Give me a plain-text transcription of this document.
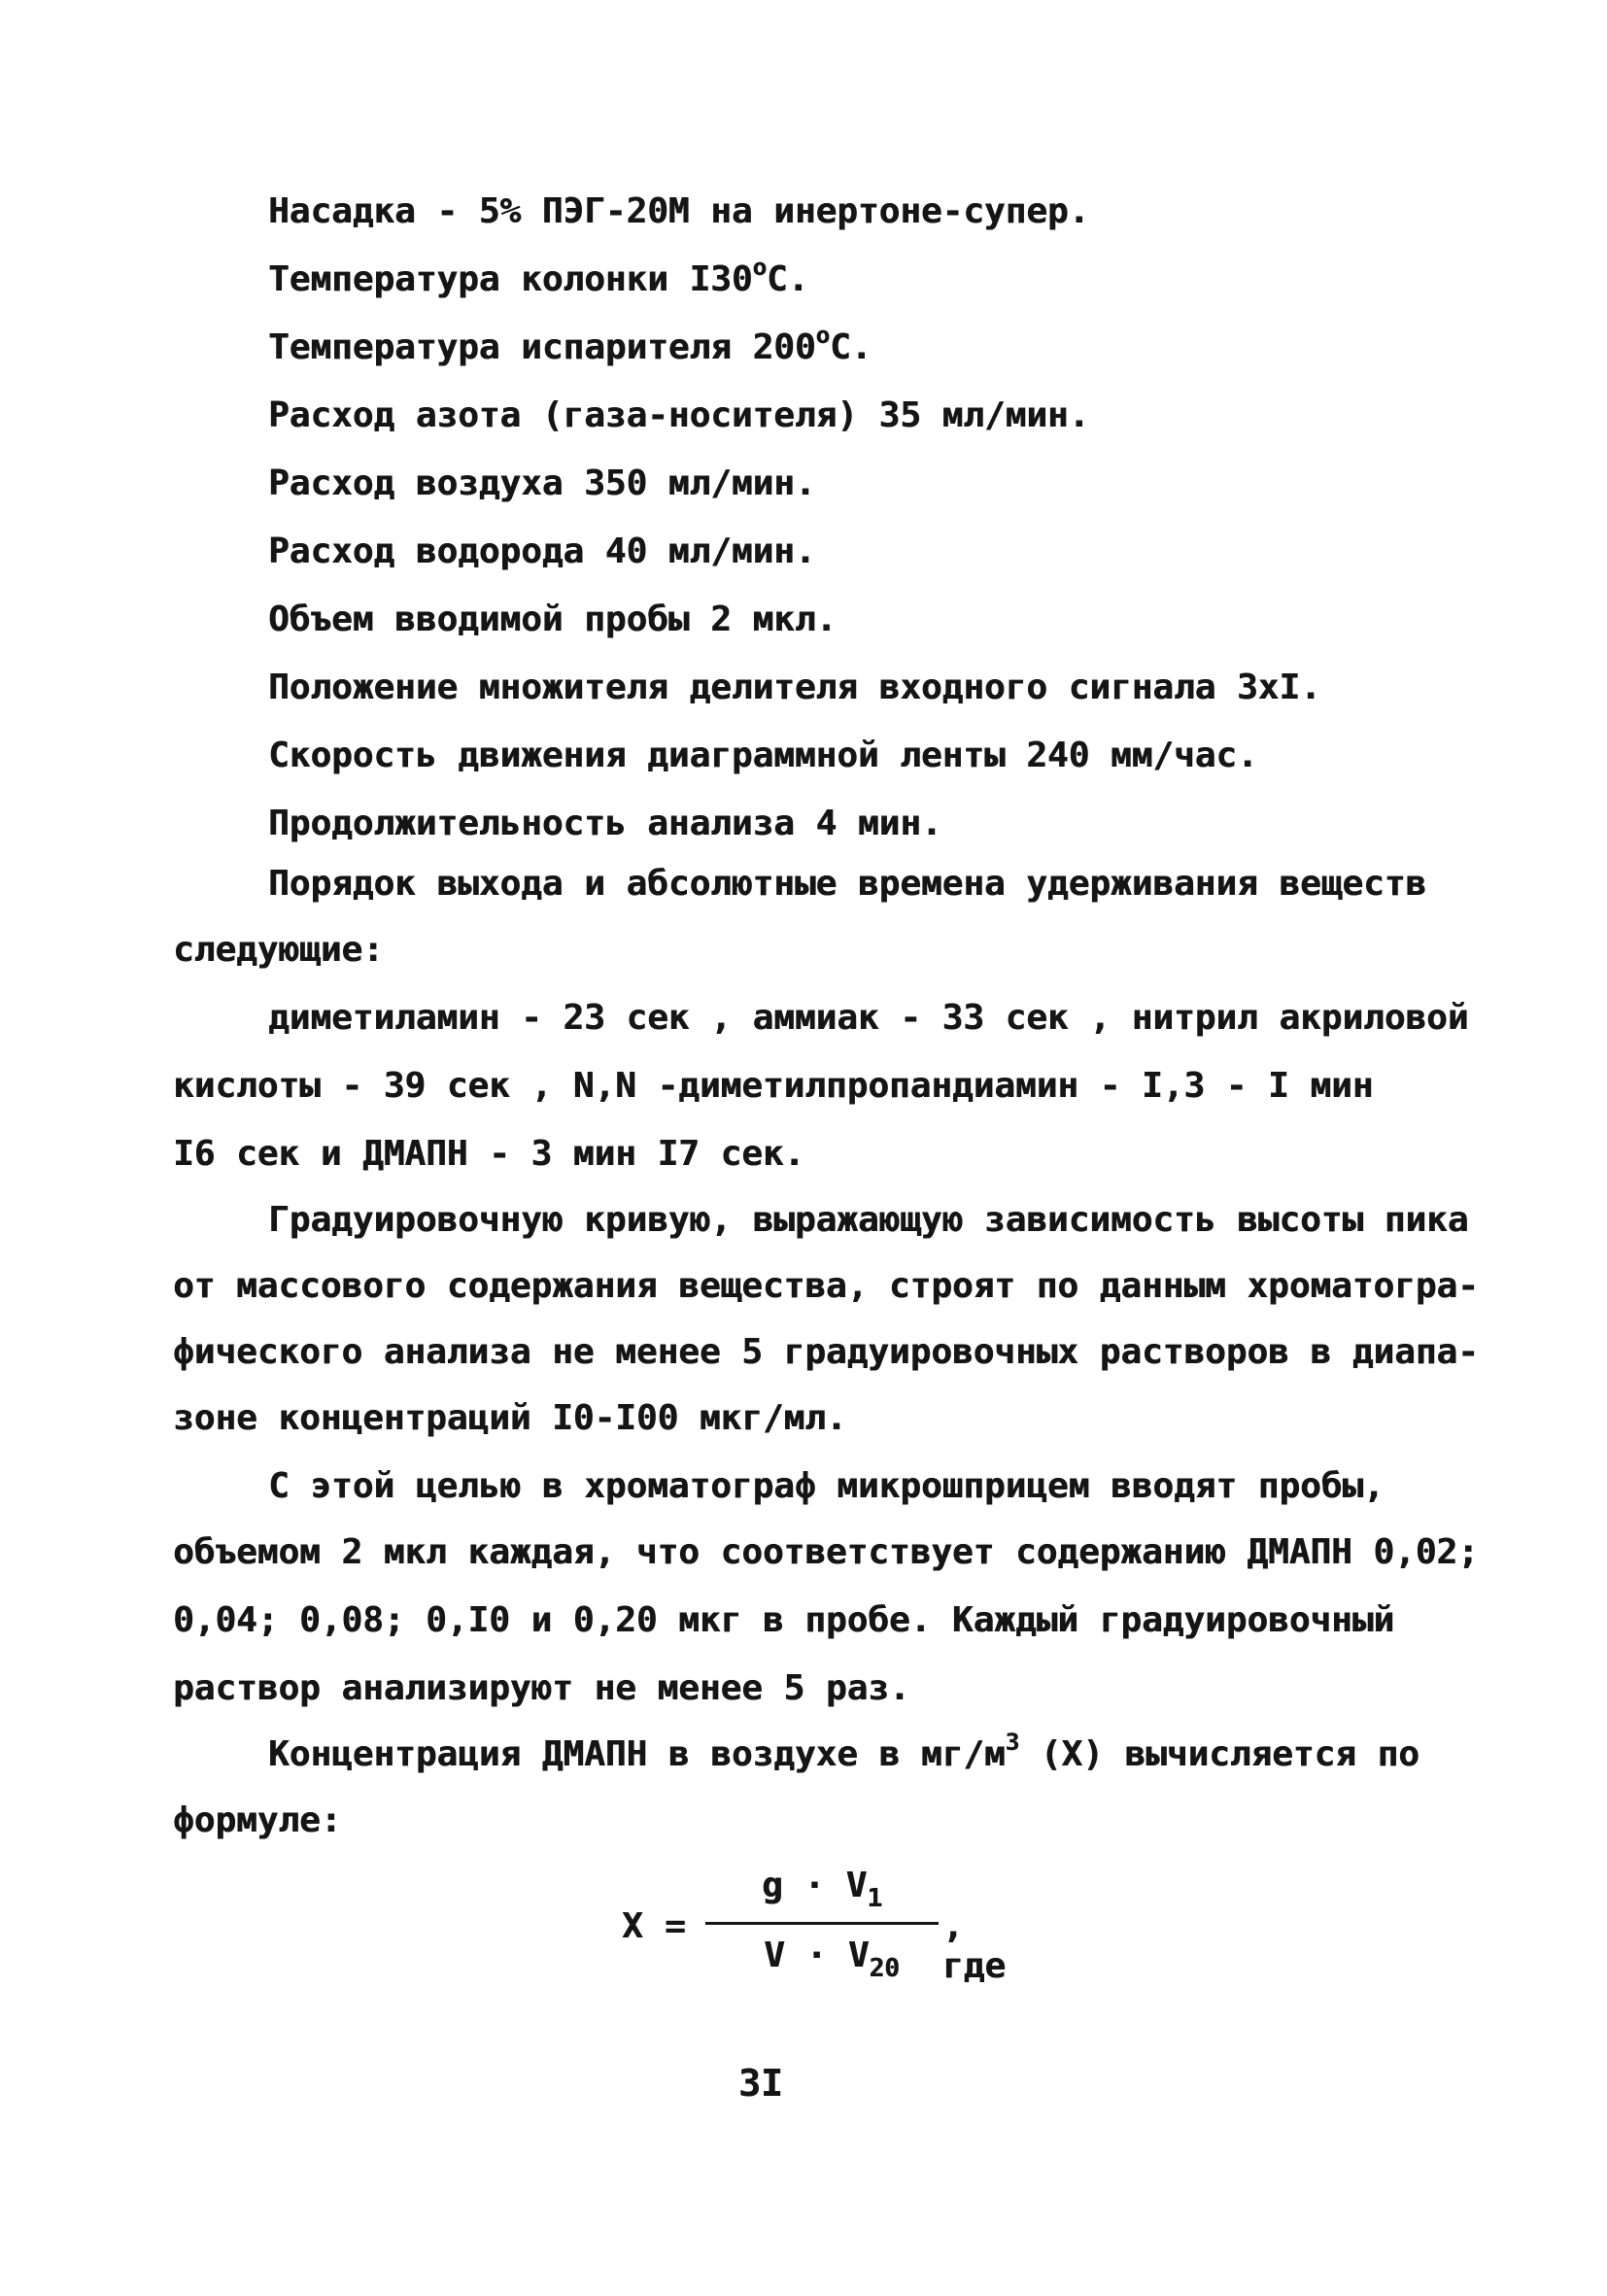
Насадка - 5% ПЭГ-20М на инертоне-супер.
Температура колонки I30$^o$С.
Температура испарителя 200$^o$С.
Расход азота (газа-носителя) 35 мл/мин.
Расход воздуха 350 мл/мин.
Расход водорода 40 мл/мин.
Объем вводимой пробы 2 мкл.
Положение множителя делителя входного сигнала 3хI.
Скорость движения диаграммной ленты 240 мм/час.
Продолжительность анализа 4 мин.
Порядок выхода и абсолютные времена удерживания веществ
следующие:
диметиламин - 23 сек , аммиак - 33 сек , нитрил акриловой
кислоты - 39 сек , N,N -диметилпропандиамин - I,3 - I мин
I6 сек и ДМАПН - 3 мин I7 сек.
Градуировочную кривую, выражающую зависимость высоты пика
от массового содержания вещества, строят по данным хроматогра-
фического анализа не менее 5 градуировочных растворов в диапа-
зоне концентраций I0-I00 мкг/мл.
С этой целью в хроматограф микрошприцем вводят пробы,
объемом 2 мкл каждая, что соответствует содержанию ДМАПН 0,02;
0,04; 0,08; 0,I0 и 0,20 мкг в пробе. Каждый градуировочный
раствор анализируют не менее 5 раз.
Концентрация ДМАПН в воздухе в $мг/м^3$ (Х) вычисляется по
формуле:
Х =
$g \cdot V_1$
$V \cdot V_{20}$
, где
3I
